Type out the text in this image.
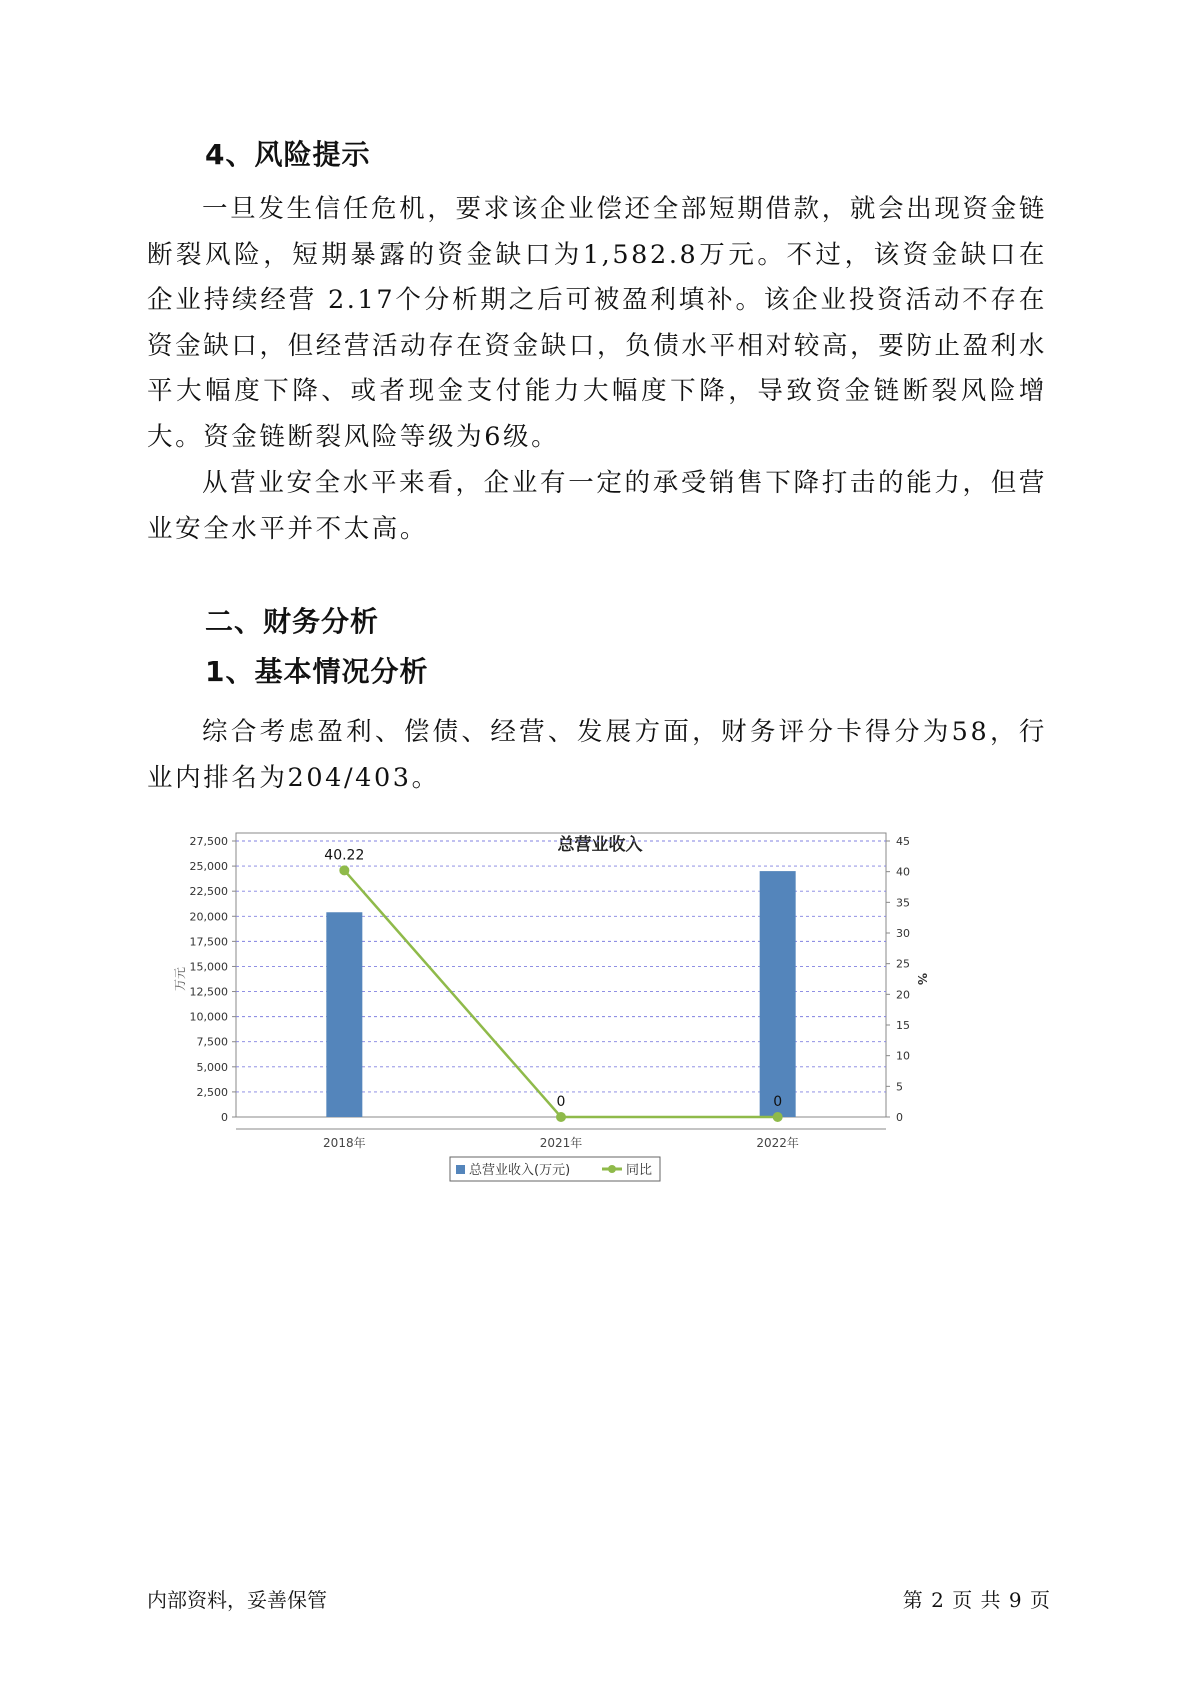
4、风险提示

一旦发生信任危机，要求该企业偿还全部短期借款，就会出现资金链断裂风险，短期暴露的资金缺口为1,582.8万元。不过，该资金缺口在企业持续经营 2.17个分析期之后可被盈利填补。该企业投资活动不存在资金缺口，但经营活动存在资金缺口，负债水平相对较高，要防止盈利水平大幅度下降、或者现金支付能力大幅度下降，导致资金链断裂风险增大。资金链断裂风险等级为6级。

从营业安全水平来看，企业有一定的承受销售下降打击的能力，但营业安全水平并不太高。

二、财务分析
1、基本情况分析

综合考虑盈利、偿债、经营、发展方面，财务评分卡得分为58，行业内排名为204/403。

总营业收入
0
2,500
5,000
7,500
10,000
12,500
15,000
17,500
20,000
22,500
25,000
27,500
0
5
10
15
20
25
30
35
40
45
万元	%
2018年	2021年	2022年
40.22
0	0
总营业收入(万元)	同比
内部资料，妥善保管	第 2 页 共 9 页
